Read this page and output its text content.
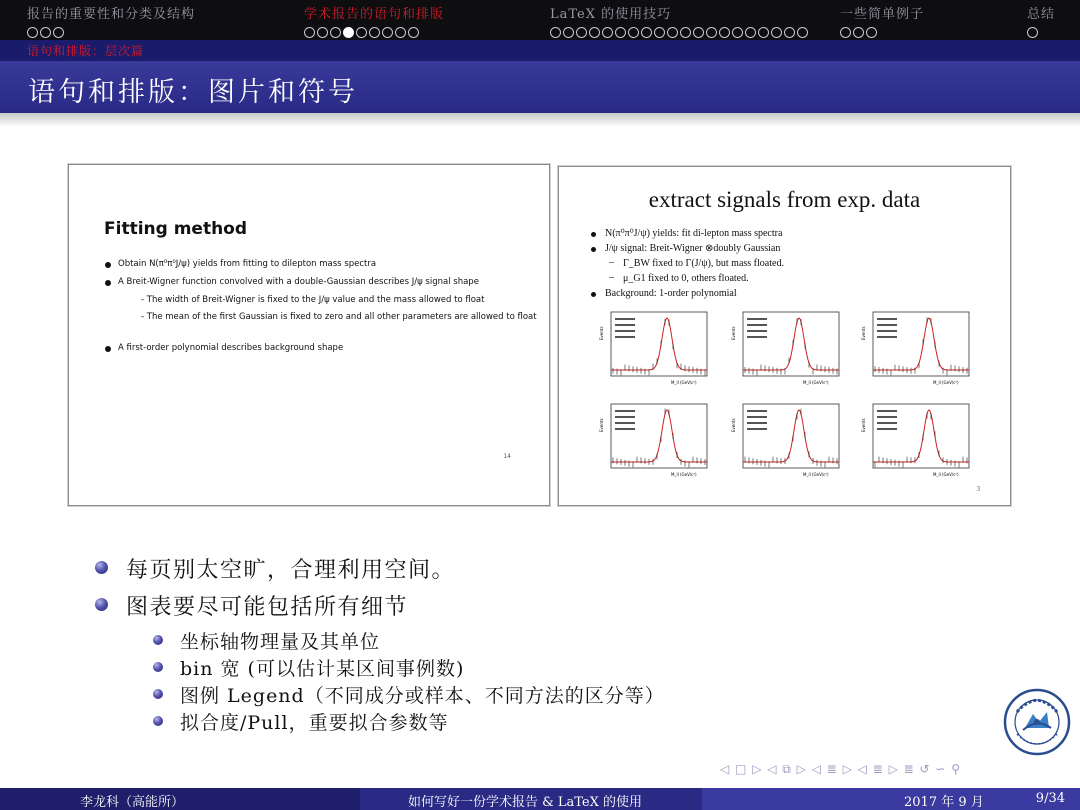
报告的重要性和分类及结构	学术报告的语句和排版	LaTeX 的使用技巧	一些简单例子	总结
语句和排版：层次篇
语句和排版：图片和符号
Fitting method
Obtain N(π⁰π⁰J/ψ) yields from fitting to dilepton mass spectra
A Breit-Wigner function convolved with a double-Gaussian describes J/ψ signal shape
- The width of Breit-Wigner is fixed to the J/ψ value and the mass allowed to float
- The mean of the first Gaussian is fixed to zero and all other parameters are allowed to float
A first-order polynomial describes background shape
14
extract signals from exp. data
N(π⁰π⁰J/ψ) yields: fit di-lepton mass spectra
J/ψ signal: Breit-Wigner ⊗doubly Gaussian
– Γ_BW fixed to Γ(J/ψ), but mass floated.
– μ_G1 fixed to 0, others floated.
Background: 1-order polynomial
Events
M_ll (GeV/c²)
Events
M_ll (GeV/c²)
Events
M_ll (GeV/c²)
Events
M_ll (GeV/c²)
Events
M_ll (GeV/c²)
Events
M_ll (GeV/c²)
3
每页别太空旷，合理利用空间。
图表要尽可能包括所有细节
坐标轴物理量及其单位
bin 宽 (可以估计某区间事例数)
图例 Legend（不同成分或样本、不同方法的区分等）
拟合度/Pull，重要拟合参数等
◁ □ ▷ ◁ ⧉ ▷ ◁ ≣ ▷ ◁ ≣ ▷ ≣ ↺ ∽ ⚲
李龙科（高能所）	如何写好一份学术报告 & LaTeX 的使用	2017 年 9 月	9/34
